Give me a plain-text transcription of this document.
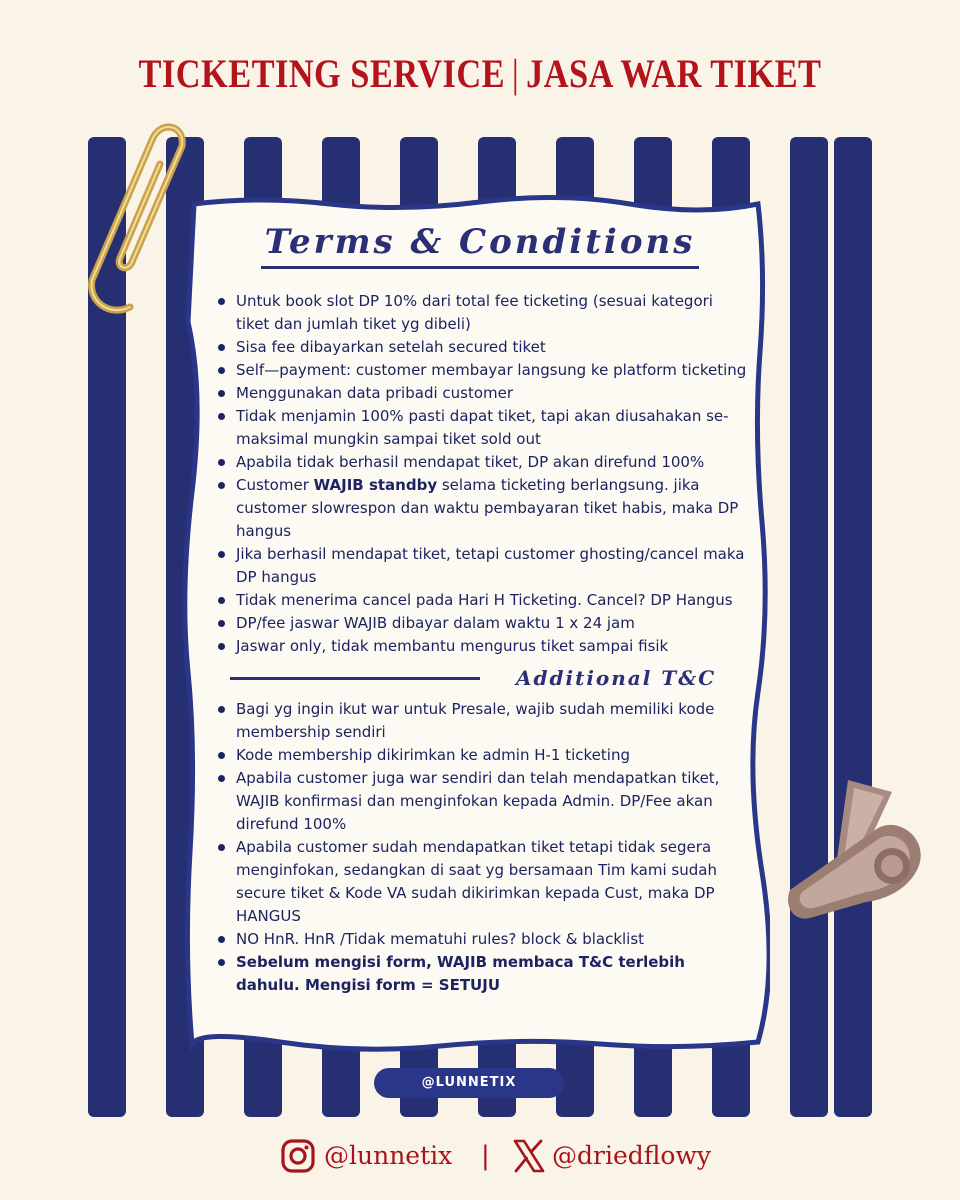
TICKETING SERVICE | JASA WAR TIKET
Terms & Conditions
Untuk book slot DP 10% dari total fee ticketing (sesuai kategori tiket dan jumlah tiket yg dibeli)
Sisa fee dibayarkan setelah secured tiket
Self—payment: customer membayar langsung ke platform ticketing
Menggunakan data pribadi customer
Tidak menjamin 100% pasti dapat tiket, tapi akan diusahakan se-maksimal mungkin sampai tiket sold out
Apabila tidak berhasil mendapat tiket, DP akan direfund 100%
Customer WAJIB standby selama ticketing berlangsung. jika customer slowrespon dan waktu pembayaran tiket habis, maka DP hangus
Jika berhasil mendapat tiket, tetapi customer ghosting/cancel maka DP hangus
Tidak menerima cancel pada Hari H Ticketing. Cancel? DP Hangus
DP/fee jaswar WAJIB dibayar dalam waktu 1 x 24 jam
Jaswar only, tidak membantu mengurus tiket sampai fisik
Additional T&C
Bagi yg ingin ikut war untuk Presale, wajib sudah memiliki kode membership sendiri
Kode membership dikirimkan ke admin H-1 ticketing
Apabila customer juga war sendiri dan telah mendapatkan tiket, WAJIB konfirmasi dan menginfokan kepada Admin. DP/Fee akan direfund 100%
Apabila customer sudah mendapatkan tiket tetapi tidak segera menginfokan, sedangkan di saat yg bersamaan Tim kami sudah secure tiket & Kode VA sudah dikirimkan kepada Cust, maka DP HANGUS
NO HnR. HnR /Tidak mematuhi rules? block & blacklist
Sebelum mengisi form, WAJIB membaca T&C terlebih dahulu. Mengisi form = SETUJU
@LUNNETIX
@lunnetix | @driedflowy
